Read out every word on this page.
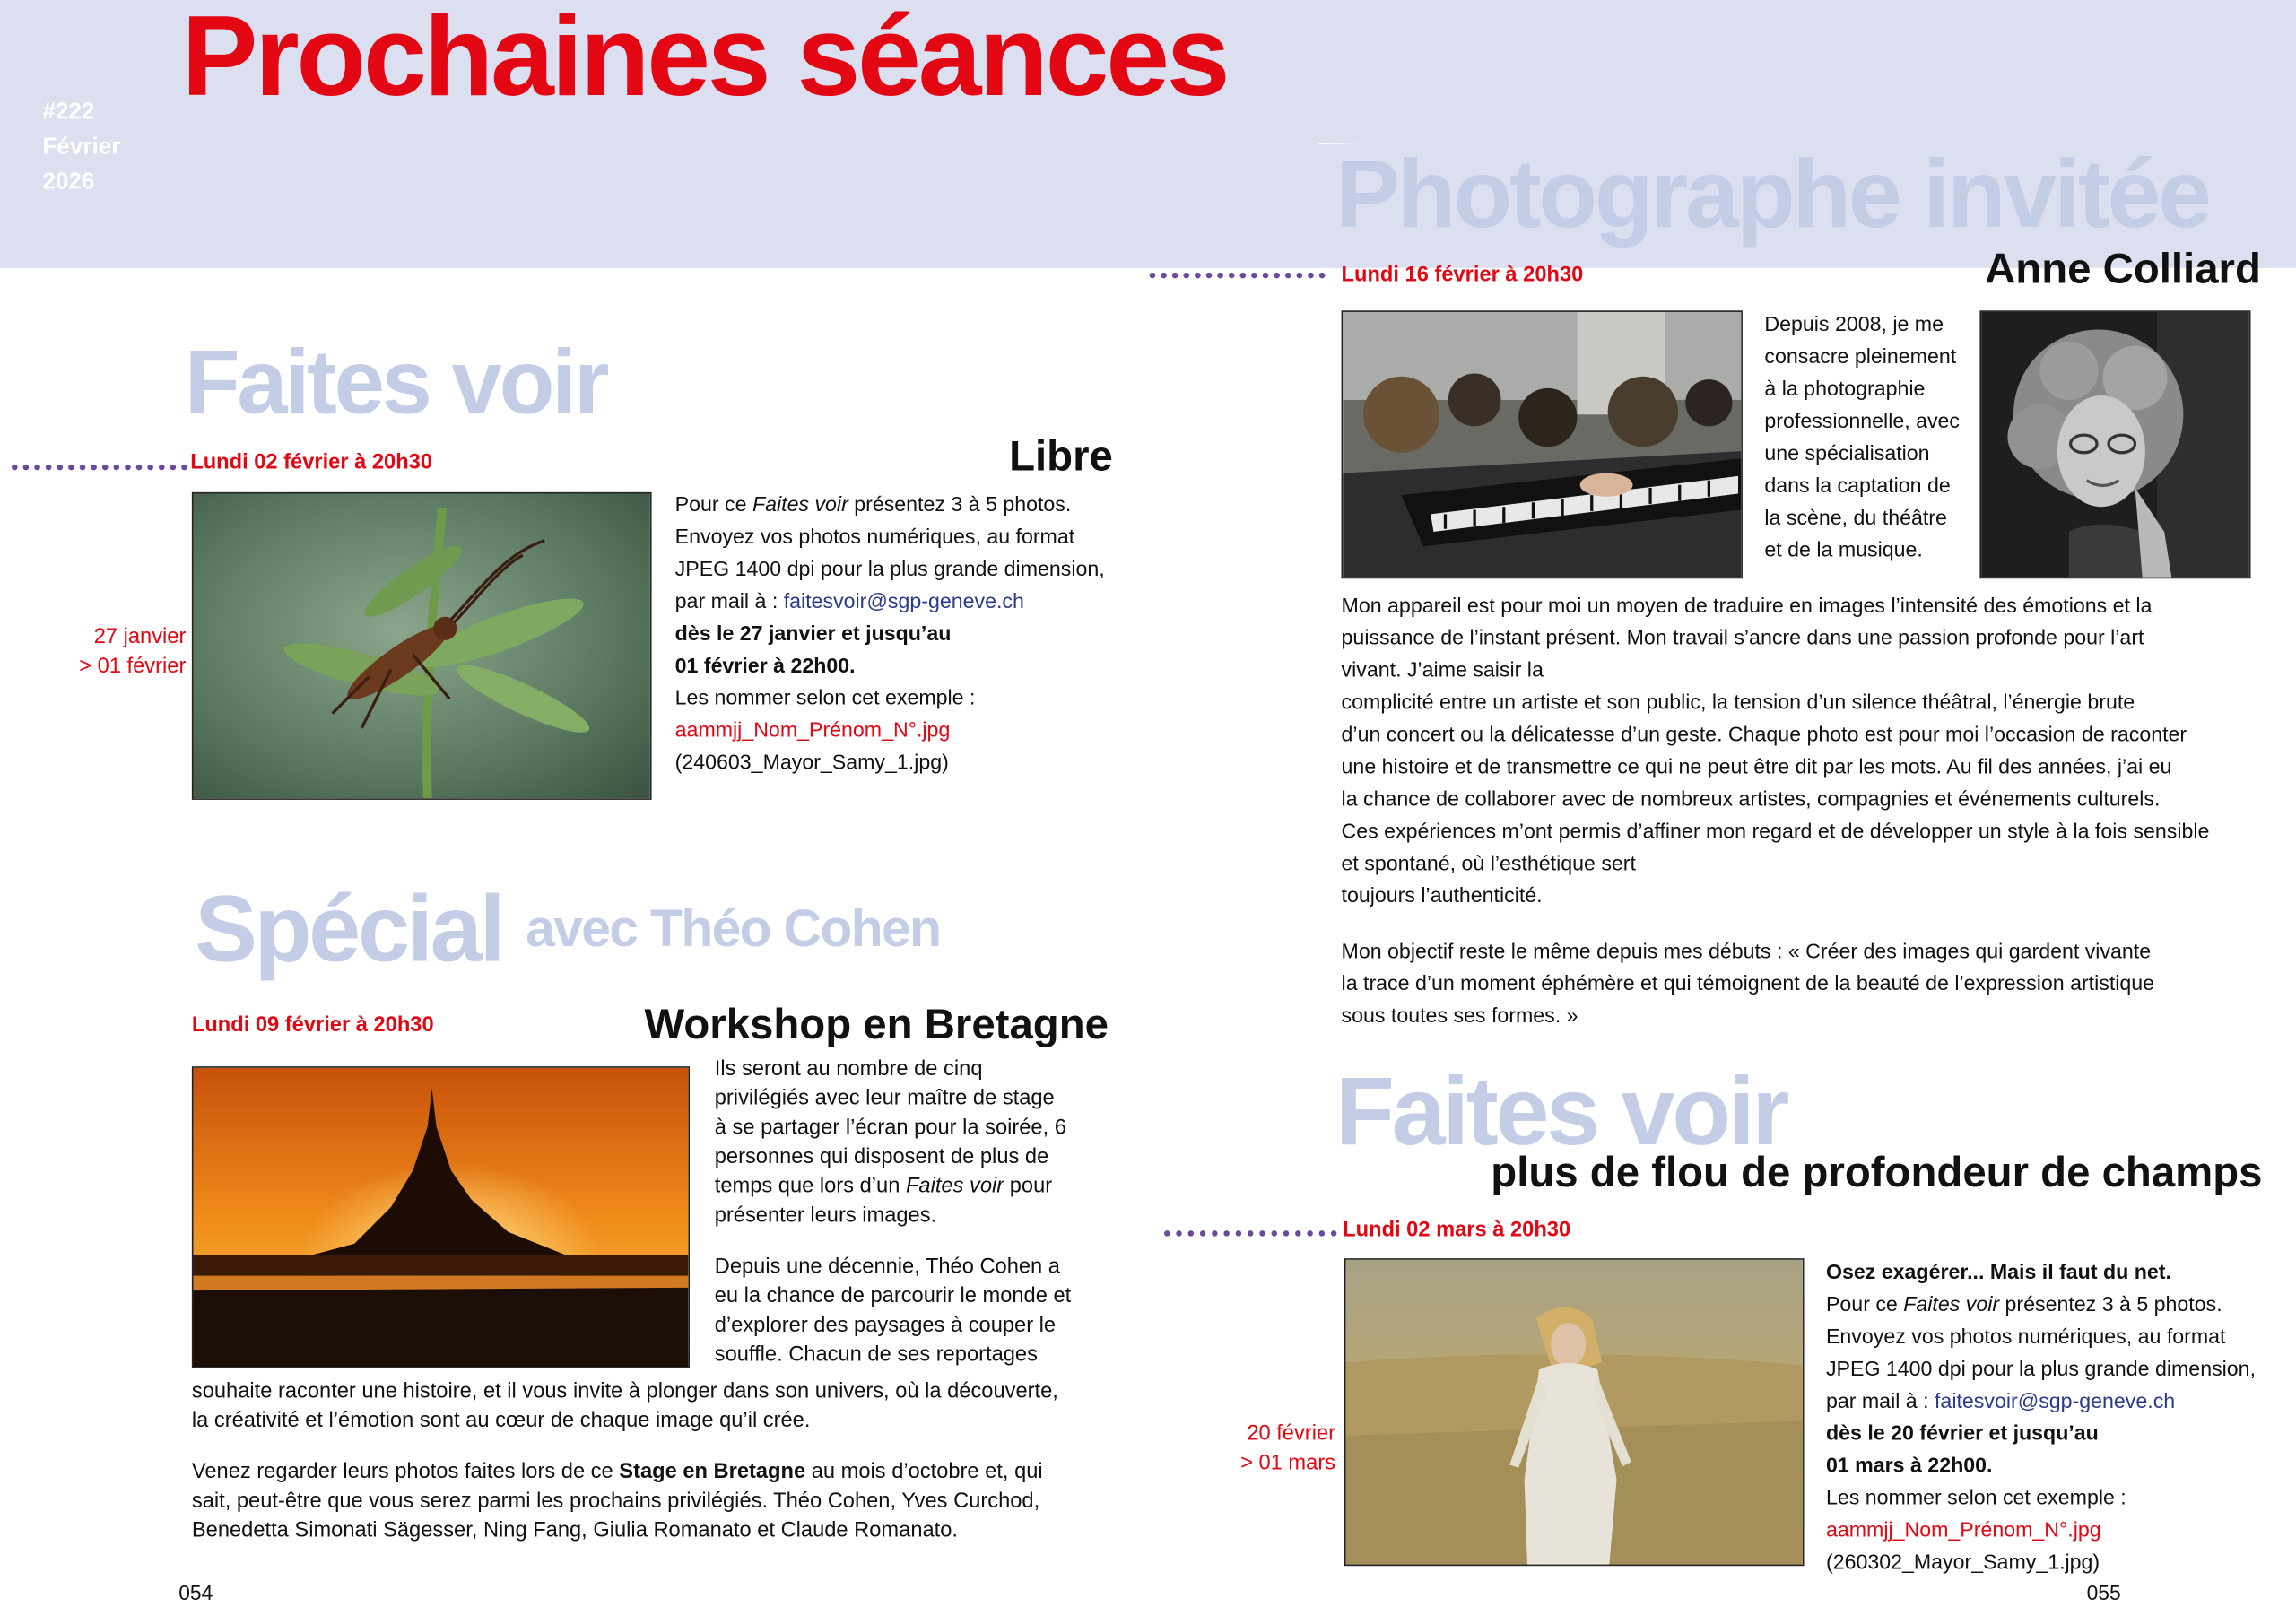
Prochaines séances
#222
Février
2026
Faites voir
Lundi 02 février à 20h30	Libre
27 janvier
> 01 février
Pour ce Faites voir présentez 3 à 5 photos.
Envoyez vos photos numériques, au format
JPEG 1400 dpi pour la plus grande dimension,
par mail à : faitesvoir@sgp-geneve.ch
dès le 27 janvier et jusqu’au
01 février à 22h00.
Les nommer selon cet exemple :
aammjj_Nom_Prénom_N°.jpg
(240603_Mayor_Samy_1.jpg)
Spécial avec Théo Cohen
Lundi 09 février à 20h30	Workshop en Bretagne
Ils seront au nombre de cinq
privilégiés avec leur maître de stage
à se partager l’écran pour la soirée, 6
personnes qui disposent de plus de
temps que lors d’un Faites voir pour
présenter leurs images.
Depuis une décennie, Théo Cohen a
eu la chance de parcourir le monde et
d’explorer des paysages à couper le
souffle. Chacun de ses reportages
souhaite raconter une histoire, et il vous invite à plonger dans son univers, où la découverte,
la créativité et l’émotion sont au cœur de chaque image qu’il crée.
Venez regarder leurs photos faites lors de ce Stage en Bretagne au mois d’octobre et, qui
sait, peut-être que vous serez parmi les prochains privilégiés. Théo Cohen, Yves Curchod,
Benedetta Simonati Sägesser, Ning Fang, Giulia Romanato et Claude Romanato.
054
Photographe invitée
Lundi 16 février à 20h30	Anne Colliard
Depuis 2008, je me
consacre pleinement
à la photographie
professionnelle, avec
une spécialisation
dans la captation de
la scène, du théâtre
et de la musique.
Mon appareil est pour moi un moyen de traduire en images l’intensité des émotions et la
puissance de l’instant présent. Mon travail s’ancre dans une passion profonde pour l’art
vivant. J’aime saisir la
complicité entre un artiste et son public, la tension d’un silence théâtral, l’énergie brute
d’un concert ou la délicatesse d’un geste. Chaque photo est pour moi l’occasion de raconter
une histoire et de transmettre ce qui ne peut être dit par les mots. Au fil des années, j’ai eu
la chance de collaborer avec de nombreux artistes, compagnies et événements culturels.
Ces expériences m’ont permis d’affiner mon regard et de développer un style à la fois sensible
et spontané, où l’esthétique sert
toujours l’authenticité.
Mon objectif reste le même depuis mes débuts : « Créer des images qui gardent vivante
la trace d’un moment éphémère et qui témoignent de la beauté de l’expression artistique
sous toutes ses formes. »
Faites voir
plus de flou de profondeur de champs
Lundi 02 mars à 20h30
20 février
> 01 mars
Osez exagérer... Mais il faut du net.
Pour ce Faites voir présentez 3 à 5 photos.
Envoyez vos photos numériques, au format
JPEG 1400 dpi pour la plus grande dimension,
par mail à : faitesvoir@sgp-geneve.ch
dès le 20 février et jusqu’au
01 mars à 22h00.
Les nommer selon cet exemple :
aammjj_Nom_Prénom_N°.jpg
(260302_Mayor_Samy_1.jpg)
055
